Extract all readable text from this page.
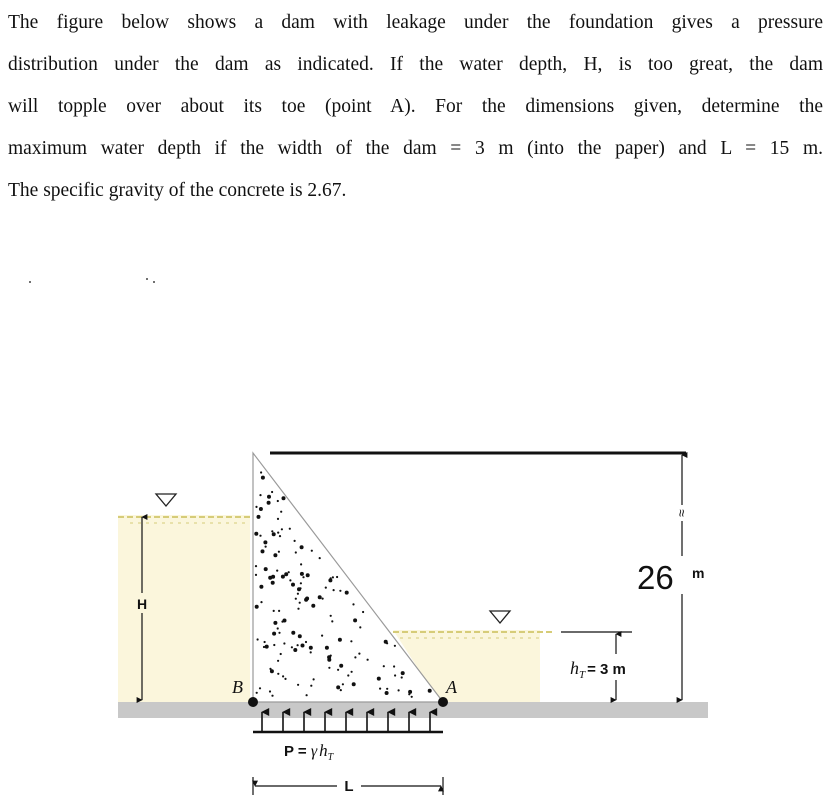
The figure below shows a dam with leakage under the foundation gives a pressure
distribution under the dam as indicated. If the water depth, H, is too great, the dam
will topple over about its toe (point A). For the dimensions given, determine the
maximum water depth if the width of the dam = 3 m (into the paper) and L = 15 m.
The specific gravity of the concrete is 2.67.
H
≈
26 m
$h_T$ $^{= 3 m}$
B	A
P = γ $h_T$
L
